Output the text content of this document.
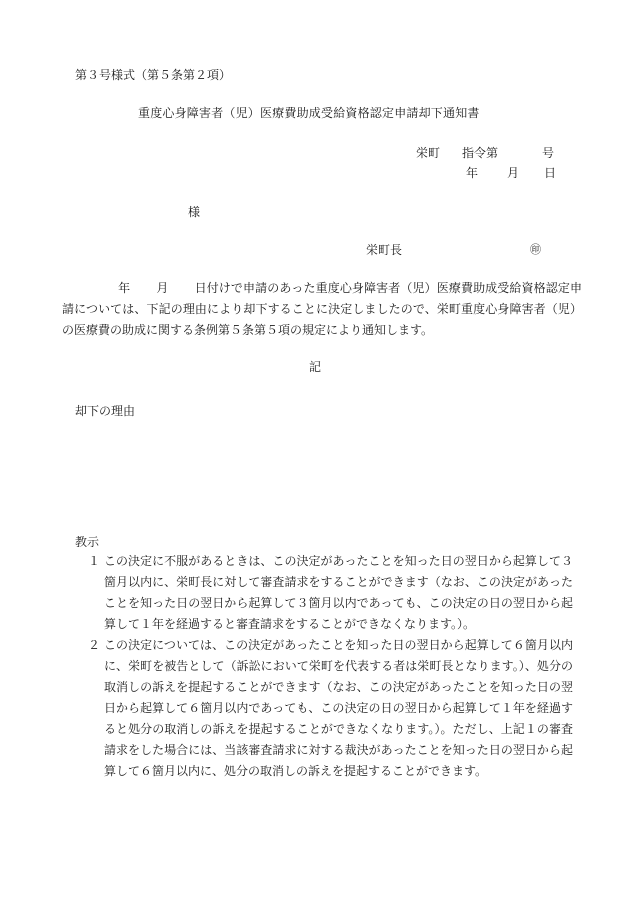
第３号様式（第５条第２項）
重度心身障害者（児）医療費助成受給資格認定申請却下通知書
栄町 指令第	号
年 月 日
様
栄町長	㊞
年 月 日付けで申請のあった重度心身障害者（児）医療費助成受給資格認定申請については、下記の理由により却下することに決定しましたので、栄町重度心身障害者（児）の医療費の助成に関する条例第５条第５項の規定により通知します。
記
却下の理由
教示
１ この決定に不服があるときは、この決定があったことを知った日の翌日から起算して３箇月以内に、栄町長に対して審査請求をすることができます（なお、この決定があったことを知った日の翌日から起算して３箇月以内であっても、この決定の日の翌日から起算して１年を経過すると審査請求をすることができなくなります。）。
２ この決定については、この決定があったことを知った日の翌日から起算して６箇月以内に、栄町を被告として（訴訟において栄町を代表する者は栄町長となります。）、処分の取消しの訴えを提起することができます（なお、この決定があったことを知った日の翌日から起算して６箇月以内であっても、この決定の日の翌日から起算して１年を経過すると処分の取消しの訴えを提起することができなくなります。）。ただし、上記１の審査請求をした場合には、当該審査請求に対する裁決があったことを知った日の翌日から起算して６箇月以内に、処分の取消しの訴えを提起することができます。
